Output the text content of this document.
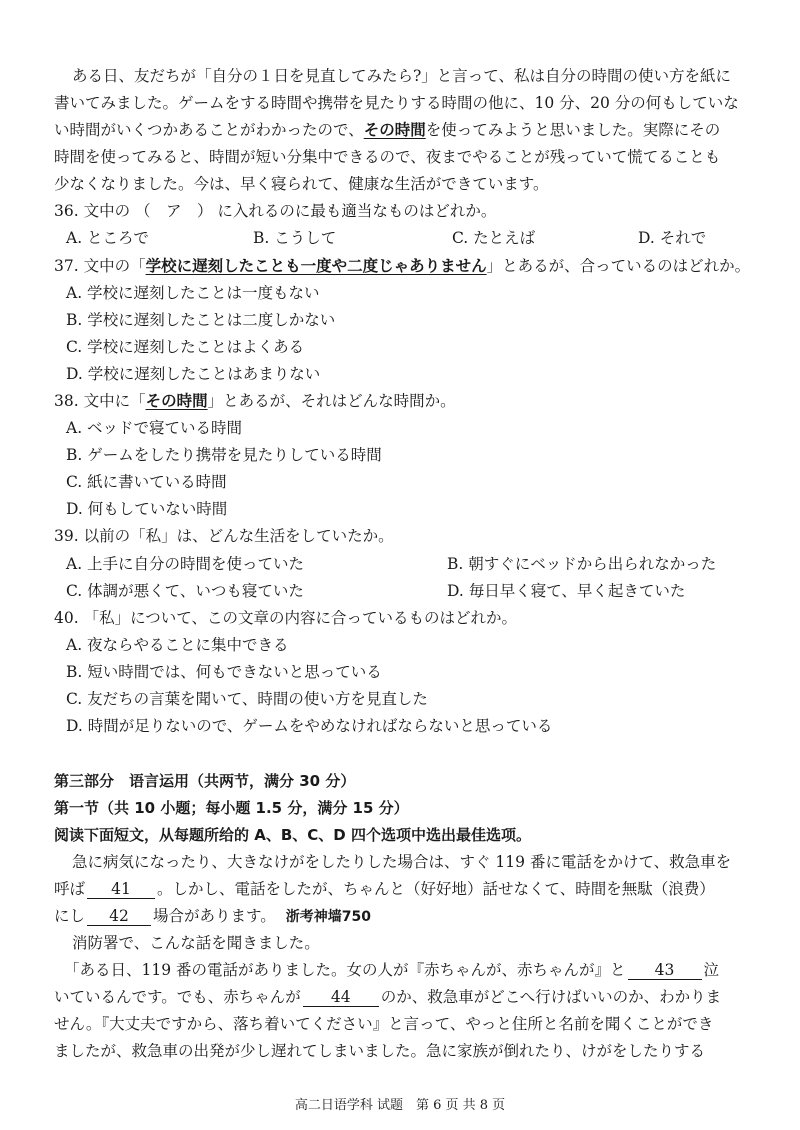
ある日、友だちが「自分の１日を見直してみたら?」と言って、私は自分の時間の使い方を紙に
書いてみました。ゲームをする時間や携帯を見たりする時間の他に、10 分、20 分の何もしていな
い時間がいくつかあることがわかったので、その時間を使ってみようと思いました。実際にその
時間を使ってみると、時間が短い分集中できるので、夜までやることが残っていて慌てることも
少なくなりました。今は、早く寝られて、健康な生活ができています。
36. 文中の （　ア　） に入れるのに最も適当なものはどれか。
A. ところで	B. こうして	C. たとえば	D. それで
37. 文中の「学校に遅刻したことも一度や二度じゃありません」とあるが、合っているのはどれか。
A. 学校に遅刻したことは一度もない
B. 学校に遅刻したことは二度しかない
C. 学校に遅刻したことはよくある
D. 学校に遅刻したことはあまりない
38. 文中に「その時間」とあるが、それはどんな時間か。
A. ベッドで寝ている時間
B. ゲームをしたり携帯を見たりしている時間
C. 紙に書いている時間
D. 何もしていない時間
39. 以前の「私」は、どんな生活をしていたか。
A. 上手に自分の時間を使っていた	B. 朝すぐにベッドから出られなかった
C. 体調が悪くて、いつも寝ていた	D. 毎日早く寝て、早く起きていた
40. 「私」について、この文章の内容に合っているものはどれか。
A. 夜ならやることに集中できる
B. 短い時間では、何もできないと思っている
C. 友だちの言葉を聞いて、時間の使い方を見直した
D. 時間が足りないので、ゲームをやめなければならないと思っている
第三部分　语言运用（共两节，满分 30 分）
第一节（共 10 小题；每小题 1.5 分，满分 15 分）
阅读下面短文，从每题所给的 A、B、C、D 四个选项中选出最佳选项。
急に病気になったり、大きなけがをしたりした場合は、すぐ 119 番に電話をかけて、救急車を
呼ば 41 。しかし、電話をしたが、ちゃんと（好好地）話せなくて、時間を無駄（浪费）
にし 42 場合があります。 浙考神墙750
消防署で、こんな話を聞きました。
「ある日、119 番の電話がありました。女の人が『赤ちゃんが、赤ちゃんが』と 43 泣
いているんです。でも、赤ちゃんが 44 のか、救急車がどこへ行けばいいのか、わかりま
せん。『大丈夫ですから、落ち着いてください』と言って、やっと住所と名前を聞くことができ
ましたが、救急車の出発が少し遅れてしまいました。急に家族が倒れたり、けがをしたりする
高二日语学科 试题　第 6 页 共 8 页
